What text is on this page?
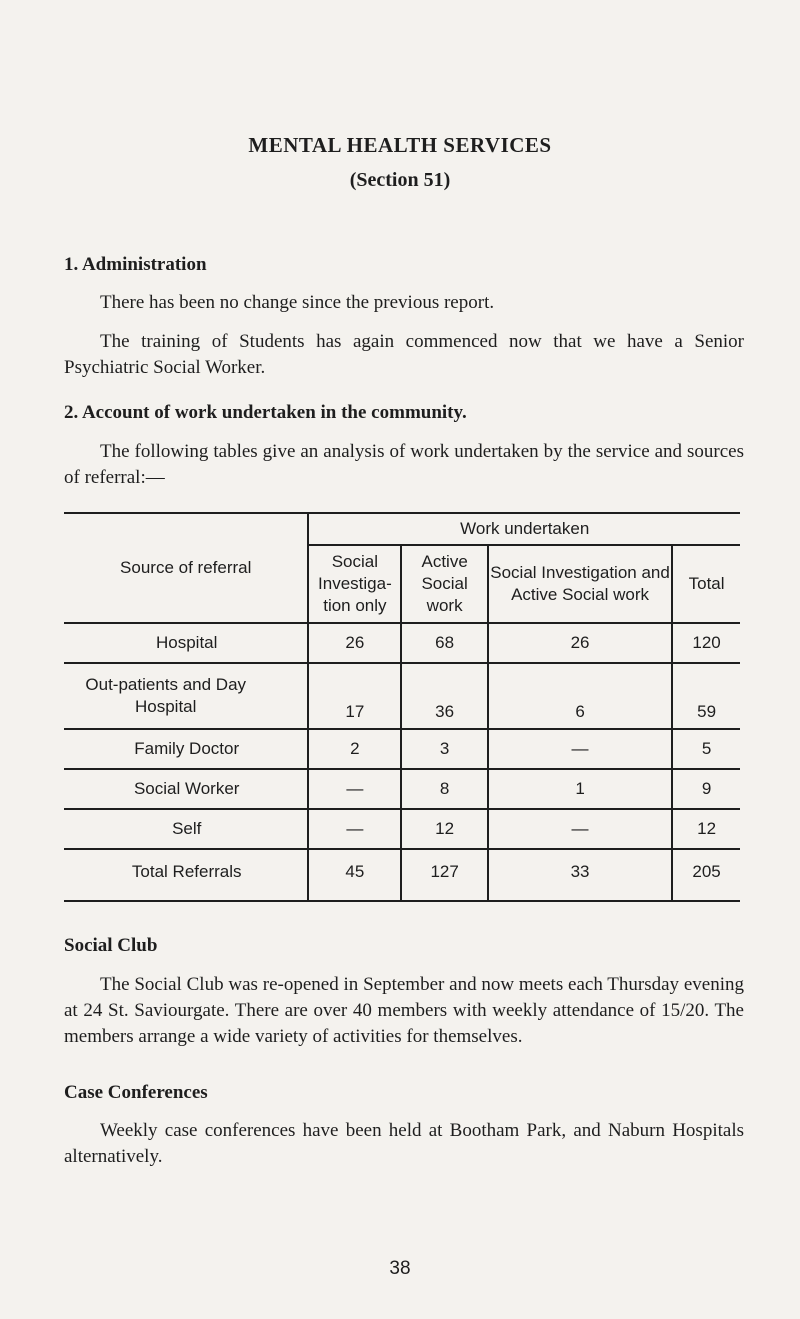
MENTAL HEALTH SERVICES
(Section 51)
1. Administration
There has been no change since the previous report.
The training of Students has again commenced now that we have a Senior Psychiatric Social Worker.
2. Account of work undertaken in the community.
The following tables give an analysis of work undertaken by the service and sources of referral:—
Source of referral	Work undertaken			
	Social Investiga- tion only	Active Social work	Social Investigation and Active Social work	Total
Hospital	26	68	26	120
Out-patients and Day Hospital	17	36	6	59
Family Doctor	2	3	—	5
Social Worker	—	8	1	9
Self	—	12	—	12
Total Referrals	45	127	33	205
Social Club
The Social Club was re-opened in September and now meets each Thursday evening at 24 St. Saviourgate. There are over 40 members with weekly attendance of 15/20. The members arrange a wide variety of activities for themselves.
Case Conferences
Weekly case conferences have been held at Bootham Park, and Naburn Hospitals alternatively.
38
